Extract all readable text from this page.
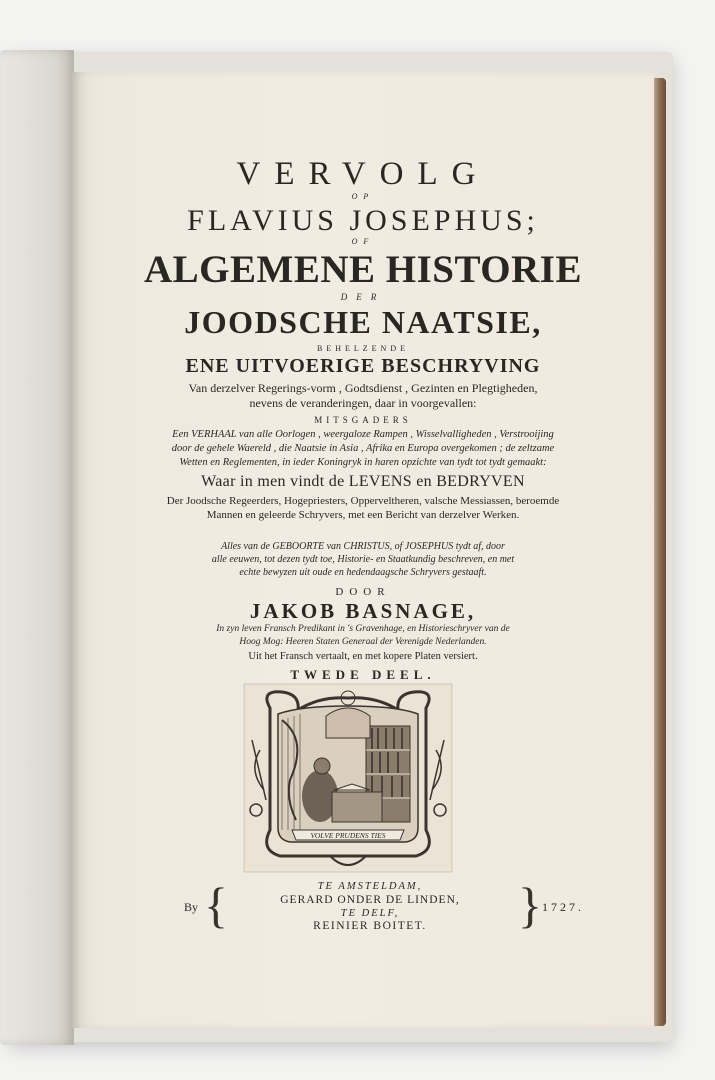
VERVOLG
OP
FLAVIUS JOSEPHUS;
OF
ALGEMENE HISTORIE
DER
JOODSCHE NAATSIE,
BEHELZENDE
ENE UITVOERIGE BESCHRYVING
Van derzelver Regerings-vorm , Godtsdienst , Gezinten en Plegtigheden,
nevens de veranderingen, daar in voorgevallen:
MITSGADERS
Een VERHAAL van alle Oorlogen , weergaloze Rampen , Wisselvalligheden , Verstrooijing
door de gehele Waereld , die Naatsie in Asia , Afrika en Europa overgekomen ; de zeltzame
Wetten en Reglementen, in ieder Koningryk in haren opzichte van tydt tot tydt gemaakt:
Waar in men vindt de LEVENS en BEDRYVEN
Der Joodsche Regeerders, Hogepriesters, Opperveltheren, valsche Messiassen, beroemde
Mannen en geleerde Schryvers, met een Bericht van derzelver Werken.
Alles van de GEBOORTE van CHRISTUS, of JOSEPHUS tydt af, door
alle eeuwen, tot dezen tydt toe, Historie- en Staatkundig beschreven, en met
echte bewyzen uit oude en hedendaagsche Schryvers gestaaft.
DOOR
JAKOB BASNAGE,
In zyn leven Fransch Predikant in 's Gravenhage, en Historieschryver van de
Hoog Mog: Heeren Staten Generaal der Verenigde Nederlanden.
Uit het Fransch vertaalt, en met kopere Platen versiert.
TWEDE DEEL.
VOLVE PRUDENS TIES
By {	TE AMSTELDAM,
GERARD ONDER DE LINDEN,
TE DELF,
REINIER BOITET.	} 1727.
